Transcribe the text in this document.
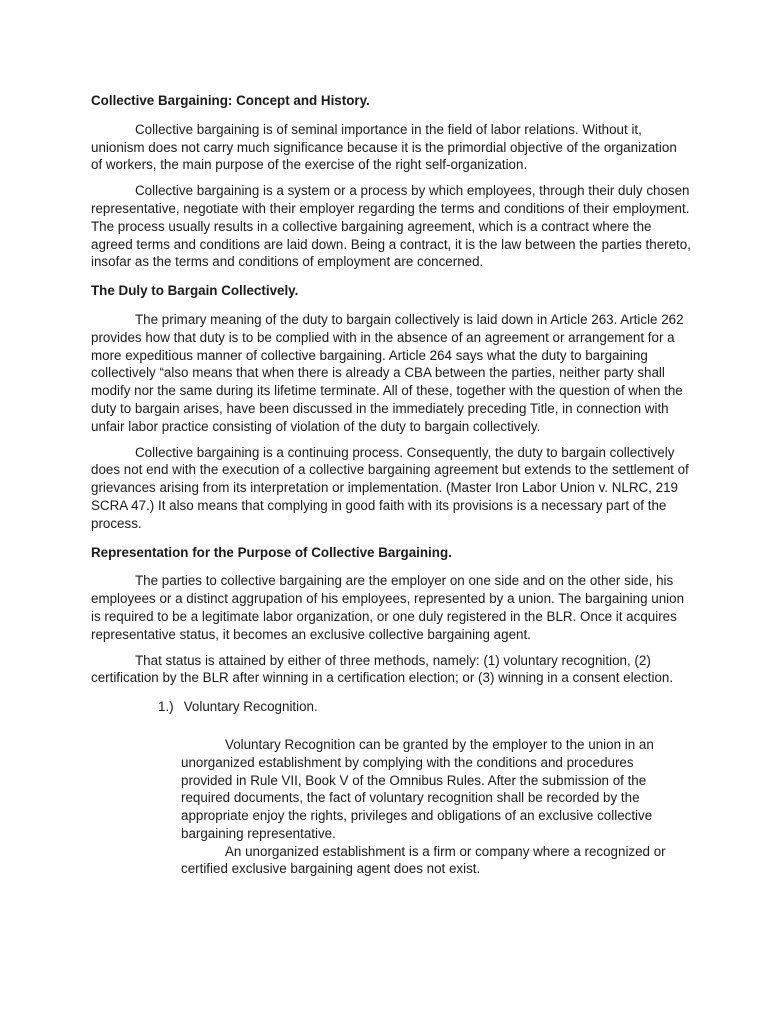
Collective Bargaining: Concept and History.

Collective bargaining is of seminal importance in the field of labor relations. Without it, unionism does not carry much significance because it is the primordial objective of the organization of workers, the main purpose of the exercise of the right self-organization.

Collective bargaining is a system or a process by which employees, through their duly chosen representative, negotiate with their employer regarding the terms and conditions of their employment. The process usually results in a collective bargaining agreement, which is a contract where the agreed terms and conditions are laid down. Being a contract, it is the law between the parties thereto, insofar as the terms and conditions of employment are concerned.

The Duly to Bargain Collectively.

The primary meaning of the duty to bargain collectively is laid down in Article 263. Article 262 provides how that duty is to be complied with in the absence of an agreement or arrangement for a more expeditious manner of collective bargaining. Article 264 says what the duty to bargaining collectively “also means that when there is already a CBA between the parties, neither party shall modify nor the same during its lifetime terminate. All of these, together with the question of when the duty to bargain arises, have been discussed in the immediately preceding Title, in connection with unfair labor practice consisting of violation of the duty to bargain collectively.

Collective bargaining is a continuing process. Consequently, the duty to bargain collectively does not end with the execution of a collective bargaining agreement but extends to the settlement of grievances arising from its interpretation or implementation. (Master Iron Labor Union v. NLRC, 219 SCRA 47.) It also means that complying in good faith with its provisions is a necessary part of the process.

Representation for the Purpose of Collective Bargaining.

The parties to collective bargaining are the employer on one side and on the other side, his employees or a distinct aggrupation of his employees, represented by a union. The bargaining union is required to be a legitimate labor organization, or one duly registered in the BLR. Once it acquires representative status, it becomes an exclusive collective bargaining agent.

That status is attained by either of three methods, namely: (1) voluntary recognition, (2) certification by the BLR after winning in a certification election; or (3) winning in a consent election.

1.) Voluntary Recognition.

Voluntary Recognition can be granted by the employer to the union in an unorganized establishment by complying with the conditions and procedures provided in Rule VII, Book V of the Omnibus Rules. After the submission of the required documents, the fact of voluntary recognition shall be recorded by the appropriate enjoy the rights, privileges and obligations of an exclusive collective bargaining representative.

An unorganized establishment is a firm or company where a recognized or certified exclusive bargaining agent does not exist.
